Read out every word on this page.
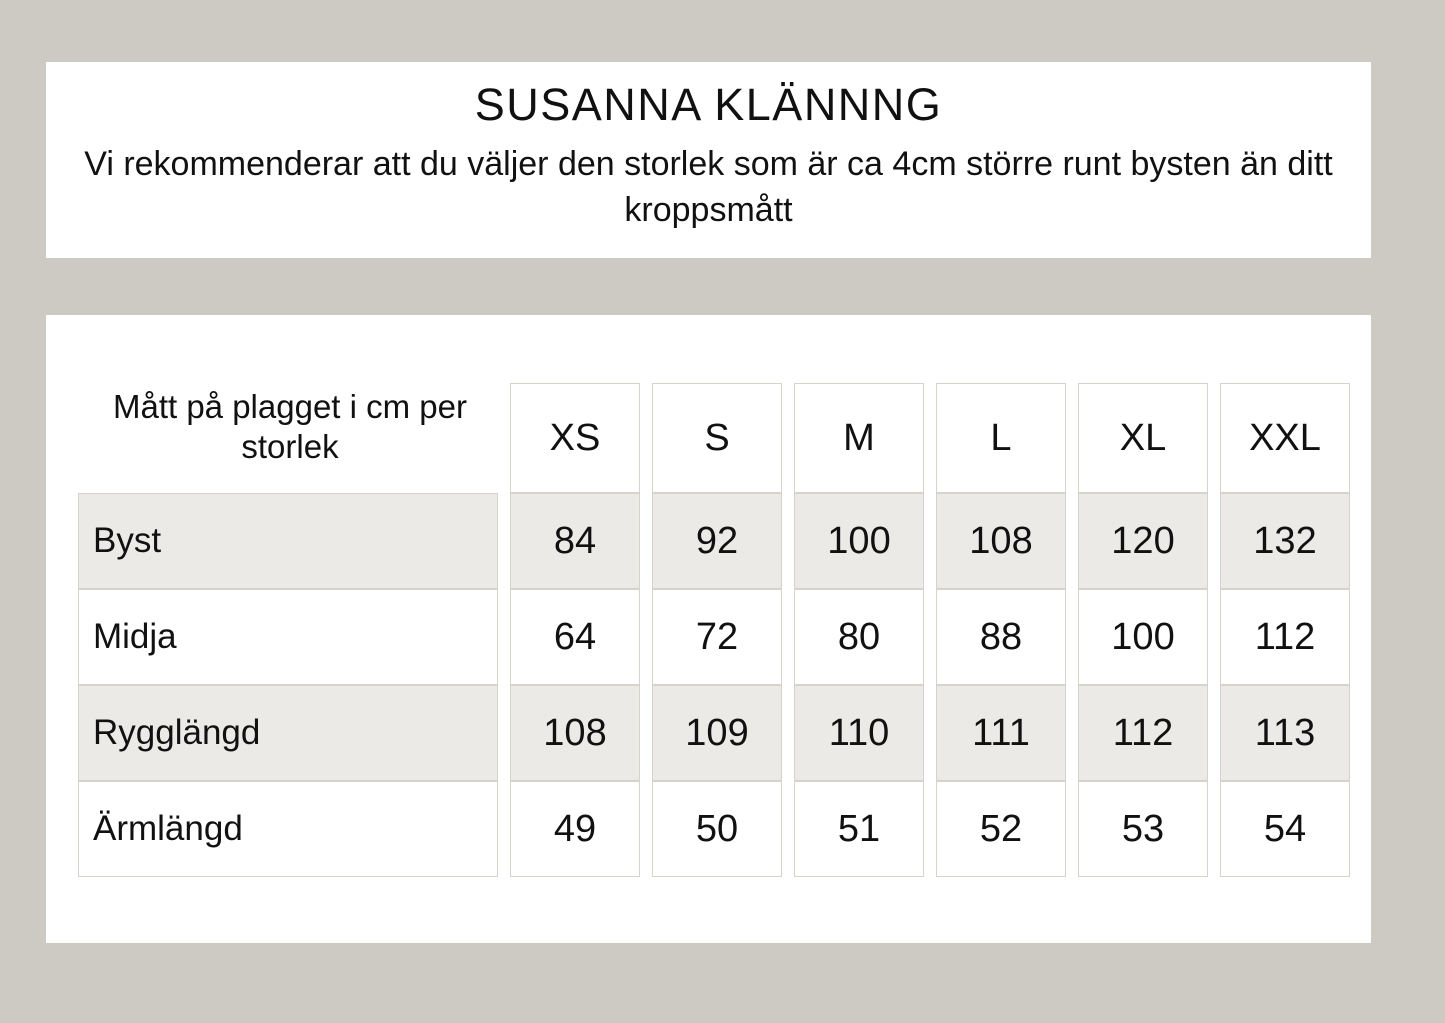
SUSANNA KLÄNNNG

Vi rekommenderar att du väljer den storlek som är ca 4cm större runt bysten än ditt kroppsmått

Mått på plagget i cm per storlek		XS		S		M		L		XL		XXL

Byst		84		92		100		108		120		132

Midja		64		72		80		88		100		112

Rygglängd		108		109		110		111		112		113

Ärmlängd		49		50		51		52		53		54
